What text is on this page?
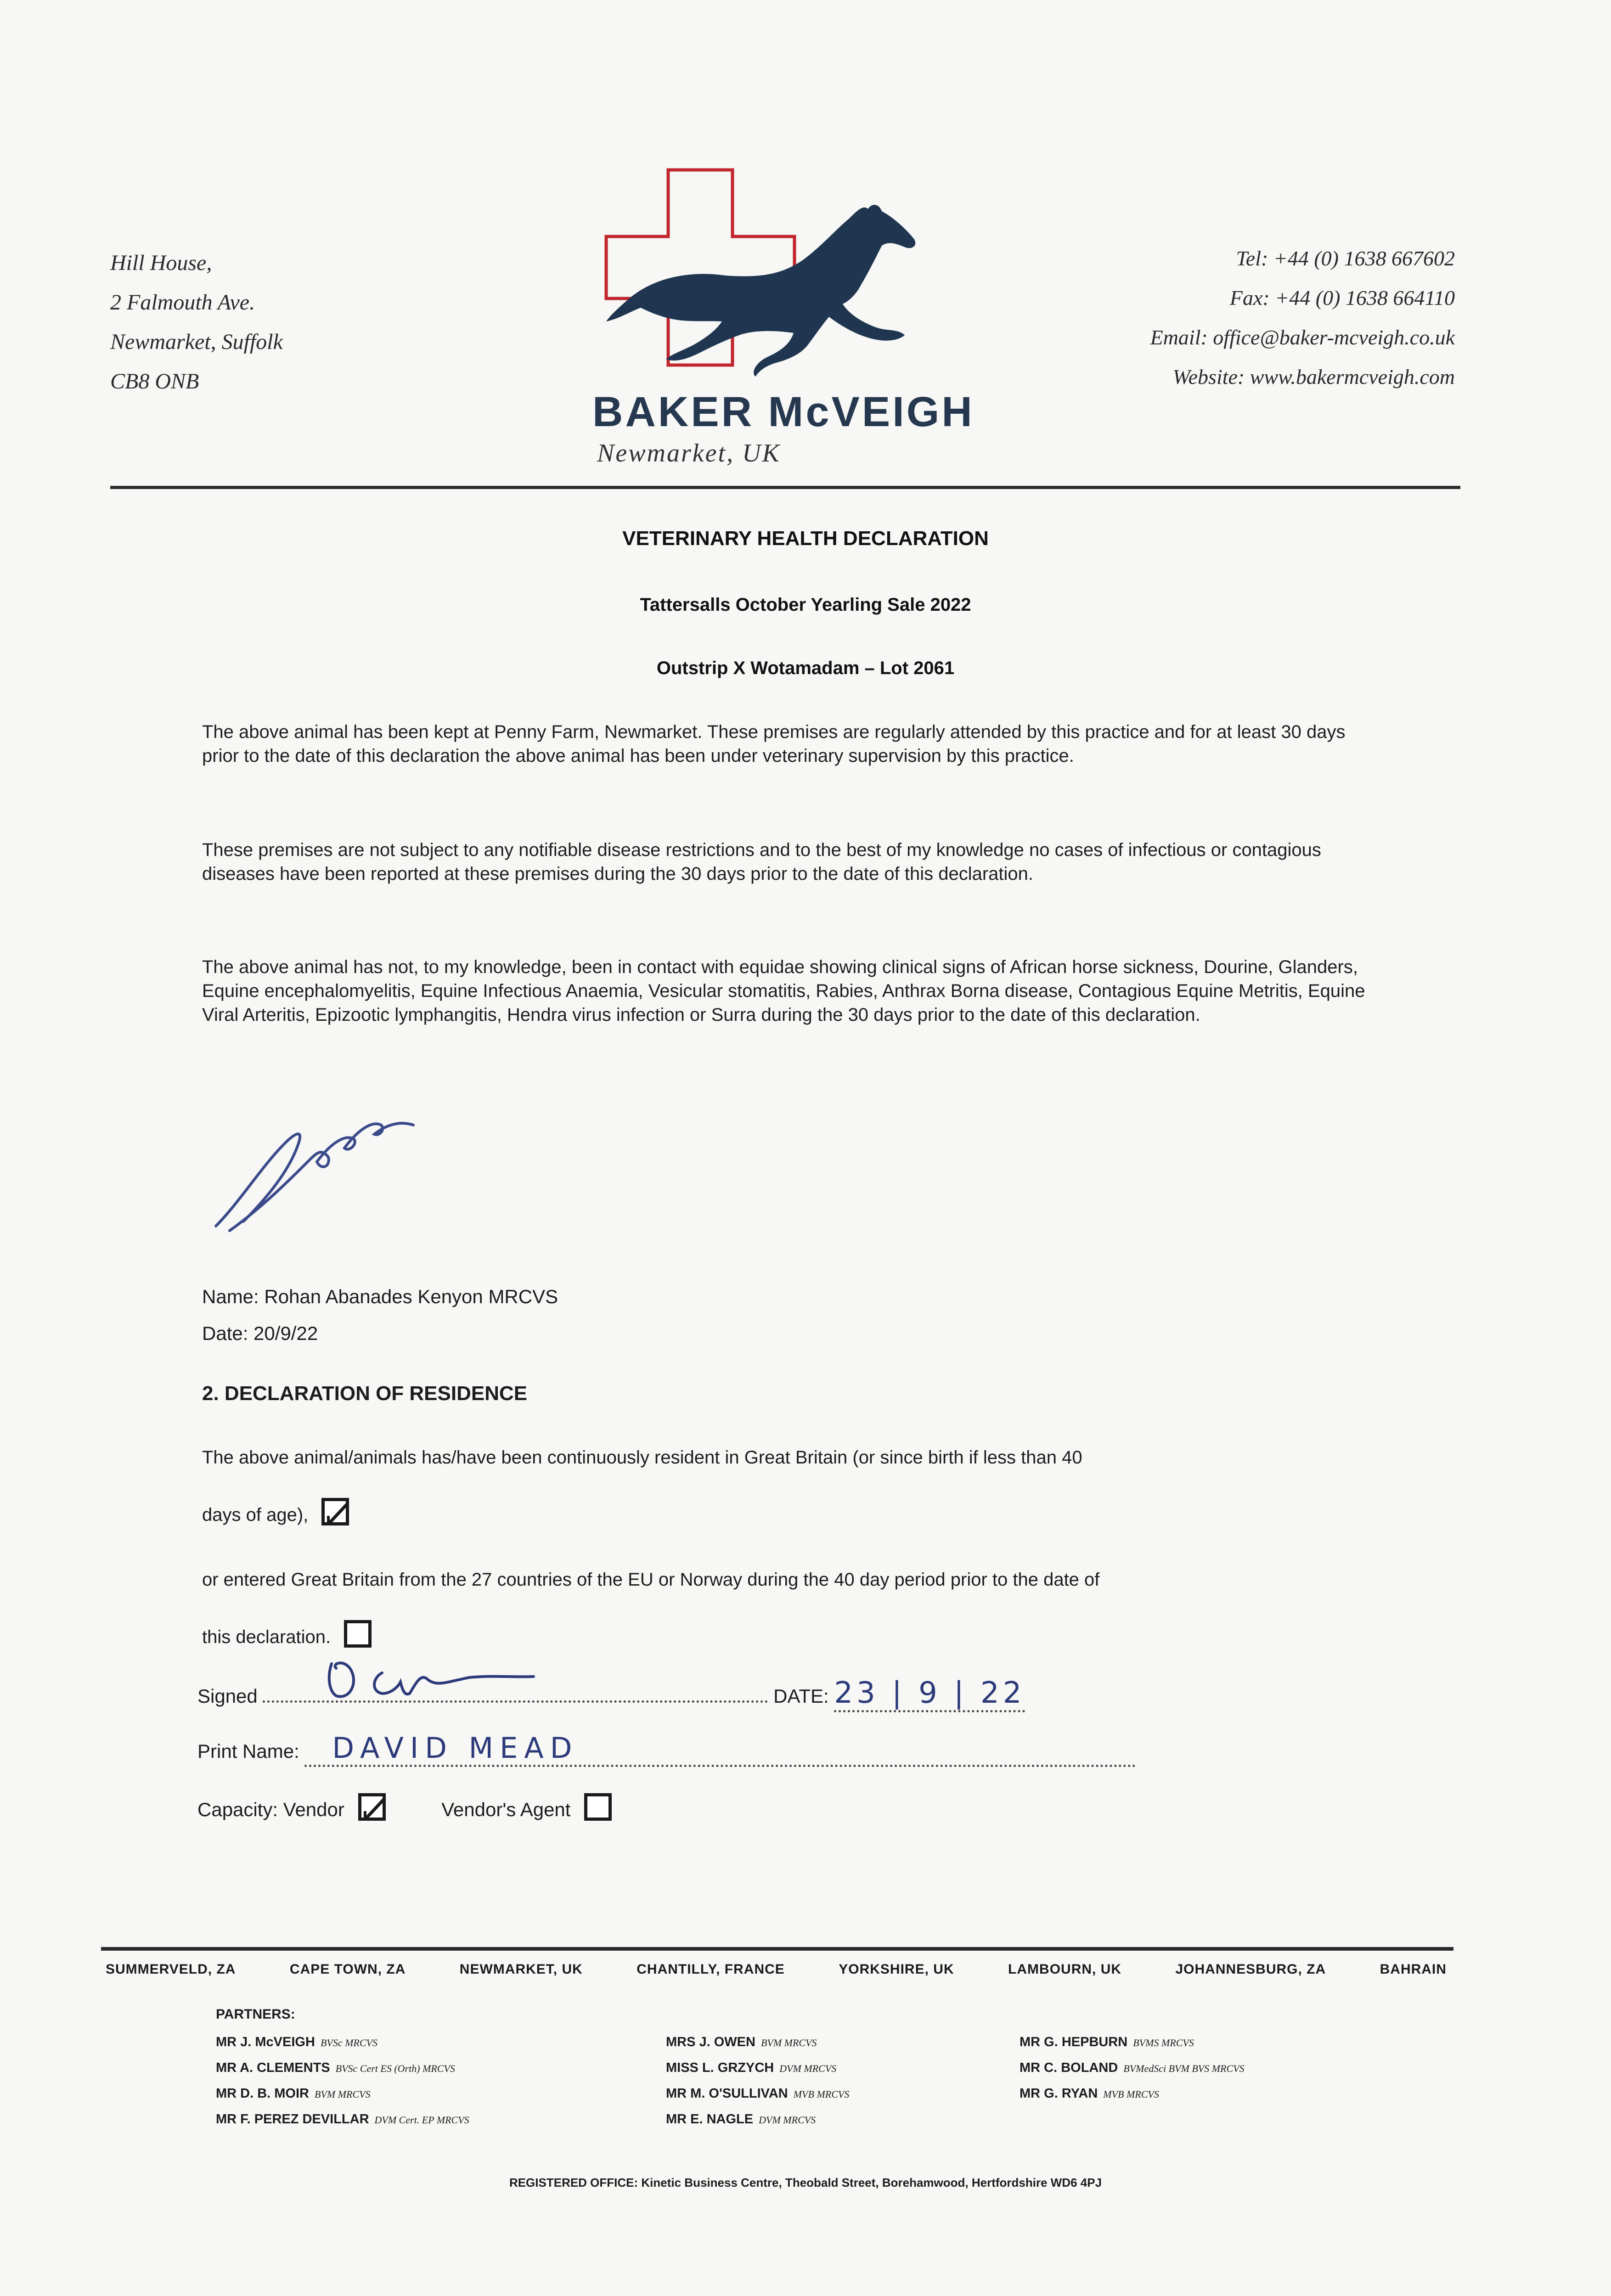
Hill House,
2 Falmouth Ave.
Newmarket, Suffolk
CB8 ONB
BAKER McVEIGH
Newmarket, UK
Tel: +44 (0) 1638 667602
Fax: +44 (0) 1638 664110
Email: office@baker-mcveigh.co.uk
Website: www.bakermcveigh.com
VETERINARY HEALTH DECLARATION
Tattersalls October Yearling Sale 2022
Outstrip X Wotamadam – Lot 2061
The above animal has been kept at Penny Farm, Newmarket. These premises are regularly attended by this practice and for at least 30 days prior to the date of this declaration the above animal has been under veterinary supervision by this practice.
These premises are not subject to any notifiable disease restrictions and to the best of my knowledge no cases of infectious or contagious diseases have been reported at these premises during the 30 days prior to the date of this declaration.
The above animal has not, to my knowledge, been in contact with equidae showing clinical signs of African horse sickness, Dourine, Glanders, Equine encephalomyelitis, Equine Infectious Anaemia, Vesicular stomatitis, Rabies, Anthrax Borna disease, Contagious Equine Metritis, Equine Viral Arteritis, Epizootic lymphangitis, Hendra virus infection or Surra during the 30 days prior to the date of this declaration.
Name: Rohan Abanades Kenyon MRCVS
Date: 20/9/22
2. DECLARATION OF RESIDENCE
The above animal/animals has/have been continuously resident in Great Britain (or since birth if less than 40
days of age),
or entered Great Britain from the 27 countries of the EU or Norway during the 40 day period prior to the date of
this declaration.
Signed	DATE: 23 | 9 | 22
Print Name: DAVID MEAD
Capacity: Vendor	Vendor's Agent
SUMMERVELD, ZA	CAPE TOWN, ZA	NEWMARKET, UK	CHANTILLY, FRANCE	YORKSHIRE, UK	LAMBOURN, UK	JOHANNESBURG, ZA	BAHRAIN
PARTNERS:
MR J. McVEIGH BVSc MRCVS
MR A. CLEMENTS BVSc Cert ES (Orth) MRCVS
MR D. B. MOIR BVM MRCVS
MR F. PEREZ DEVILLAR DVM Cert. EP MRCVS
MRS J. OWEN BVM MRCVS
MISS L. GRZYCH DVM MRCVS
MR M. O'SULLIVAN MVB MRCVS
MR E. NAGLE DVM MRCVS
MR G. HEPBURN BVMS MRCVS
MR C. BOLAND BVMedSci BVM BVS MRCVS
MR G. RYAN MVB MRCVS
REGISTERED OFFICE: Kinetic Business Centre, Theobald Street, Borehamwood, Hertfordshire WD6 4PJ
